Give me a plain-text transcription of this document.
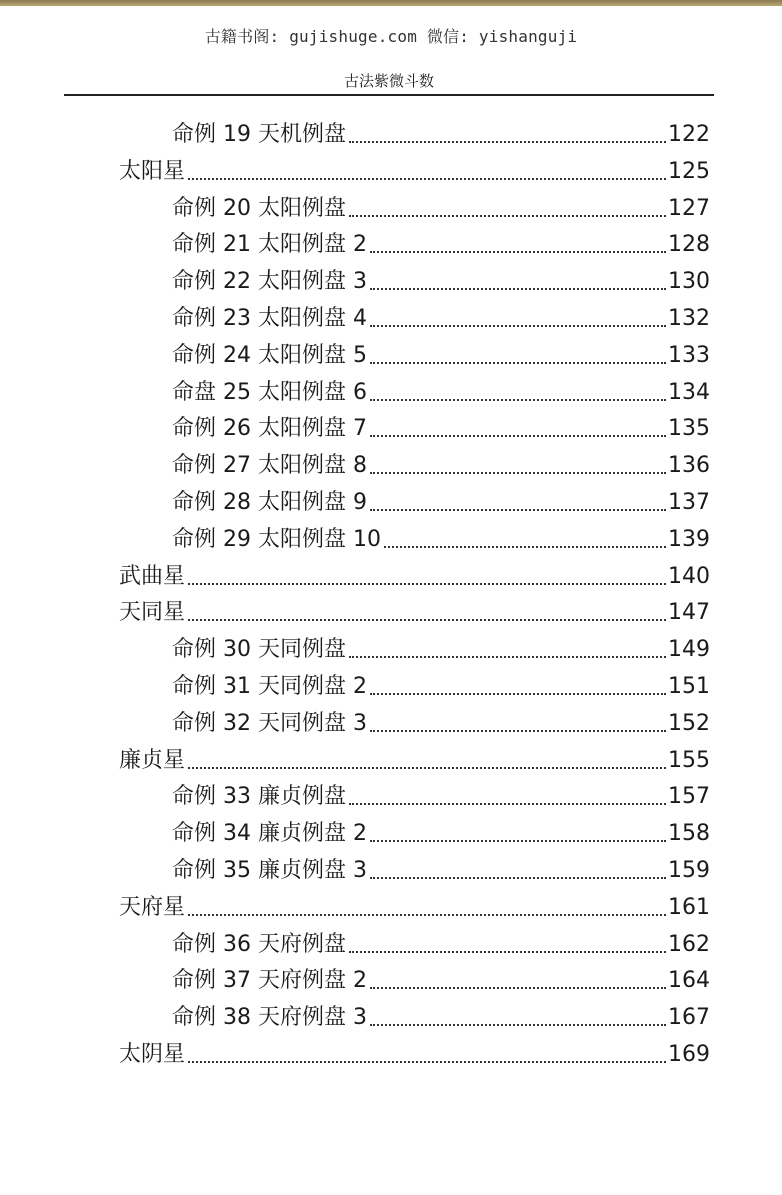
古籍书阁: gujishuge.com 微信: yishanguji
古法紫微斗数
命例 19 天机例盘	122
太阳星	125
命例 20 太阳例盘	127
命例 21 太阳例盘 2	128
命例 22 太阳例盘 3	130
命例 23 太阳例盘 4	132
命例 24 太阳例盘 5	133
命盘 25 太阳例盘 6	134
命例 26 太阳例盘 7	135
命例 27 太阳例盘 8	136
命例 28 太阳例盘 9	137
命例 29 太阳例盘 10	139
武曲星	140
天同星	147
命例 30 天同例盘	149
命例 31 天同例盘 2	151
命例 32 天同例盘 3	152
廉贞星	155
命例 33 廉贞例盘	157
命例 34 廉贞例盘 2	158
命例 35 廉贞例盘 3	159
天府星	161
命例 36 天府例盘	162
命例 37 天府例盘 2	164
命例 38 天府例盘 3	167
太阴星	169
